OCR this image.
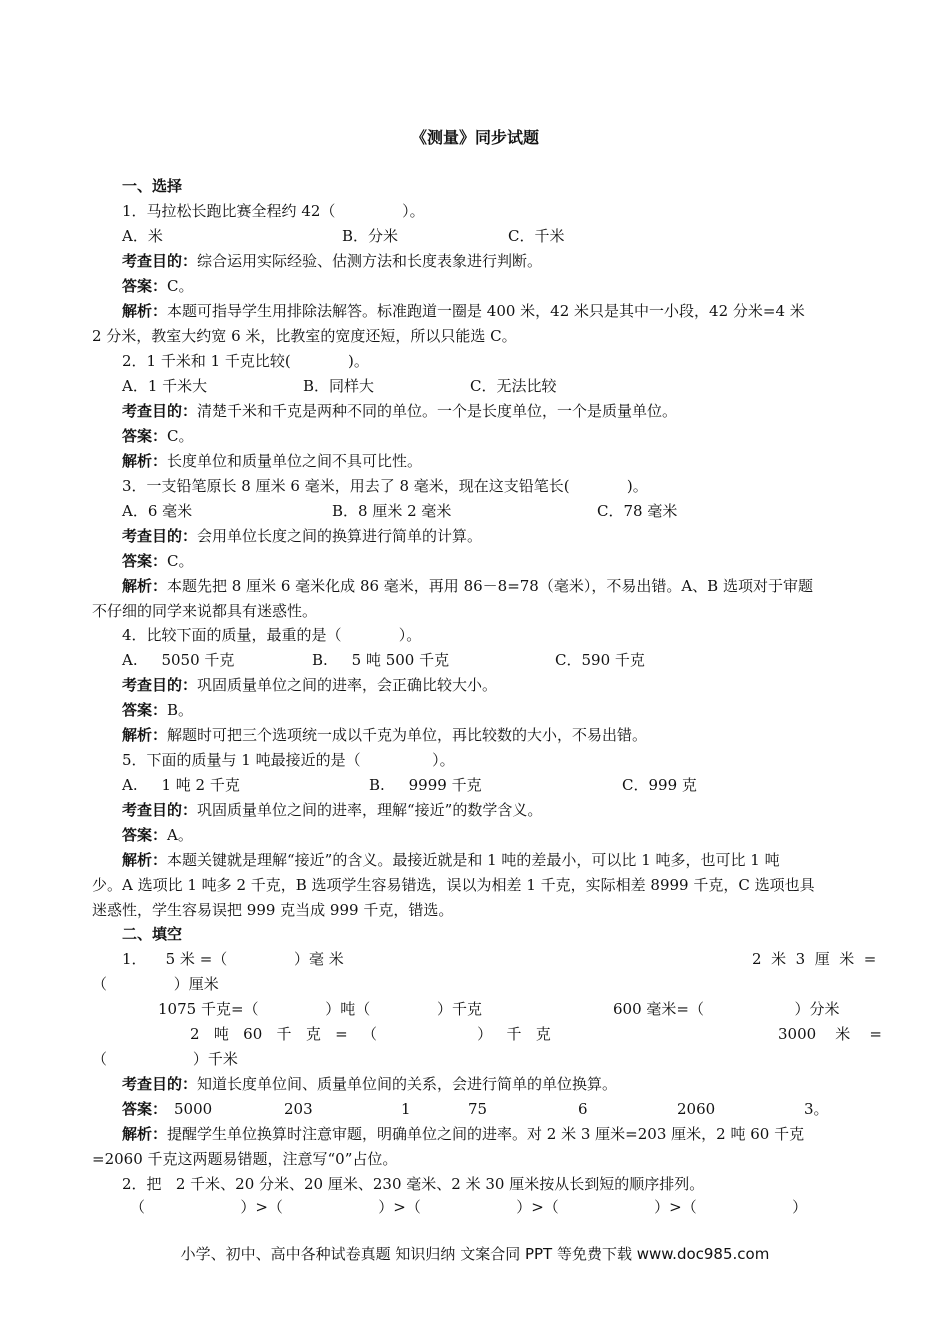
《测量》同步试题
一、选择
1．马拉松长跑比赛全程约 42（              ）。
A．米	B．分米	C．千米
考查目的：综合运用实际经验、估测方法和长度表象进行判断。
答案：C。
解析：本题可指导学生用排除法解答。标准跑道一圈是 400 米，42 米只是其中一小段，42 分米=4 米
2 分米，教室大约宽 6 米，比教室的宽度还短，所以只能选 C。
2．1 千米和 1 千克比较(            )。
A．1 千米大	B．同样大	C．无法比较
考查目的：清楚千米和千克是两种不同的单位。一个是长度单位，一个是质量单位。
答案：C。
解析：长度单位和质量单位之间不具可比性。
3．一支铅笔原长 8 厘米 6 毫米，用去了 8 毫米，现在这支铅笔长(            )。
A．6 毫米	B．8 厘米 2 毫米	C．78 毫米
考查目的：会用单位长度之间的换算进行简单的计算。
答案：C。
解析：本题先把 8 厘米 6 毫米化成 86 毫米，再用 86－8=78（毫米），不易出错。A、B 选项对于审题
不仔细的同学来说都具有迷惑性。
4．比较下面的质量，最重的是（            ）。
A.     5050 千克	B.     5 吨 500 千克	C．590 千克
考查目的：巩固质量单位之间的进率，会正确比较大小。
答案：B。
解析：解题时可把三个选项统一成以千克为单位，再比较数的大小，不易出错。
5．下面的质量与 1 吨最接近的是（               ）。
A.     1 吨 2 千克	B.     9999 千克	C．999 克
考查目的：巩固质量单位之间的进率，理解“接近”的数学含义。
答案：A。
解析：本题关键就是理解“接近”的含义。最接近就是和 1 吨的差最小，可以比 1 吨多，也可比 1 吨
少。A 选项比 1 吨多 2 千克，B 选项学生容易错选，误以为相差 1 千克，实际相差 8999 千克，C 选项也具
迷惑性，学生容易误把 999 克当成 999 千克，错选。
二、填空
1．    5 米 =（              ）毫 米	2  米  3  厘  米  =
（              ）厘米
1075 千克=（              ）吨（              ）千克	600 毫米=（                   ）分米
2   吨   60   千   克   =   （                     ）   千   克	3000    米    =
（                  ）千米
考查目的：知道长度单位间、质量单位间的关系，会进行简单的单位换算。
答案： 5000	203	1	75	6	2060	3。
解析：提醒学生单位换算时注意审题，明确单位之间的进率。对 2 米 3 厘米=203 厘米，2 吨 60 千克
=2060 千克这两题易错题，注意写“0”占位。
2．把   2 千米、20 分米、20 厘米、230 毫米、2 米 30 厘米按从长到短的顺序排列。
（                    ）>（                    ）>（                    ）>（                    ）>（                    ）
小学、初中、高中各种试卷真题 知识归纳 文案合同 PPT 等免费下载 www.doc985.com
